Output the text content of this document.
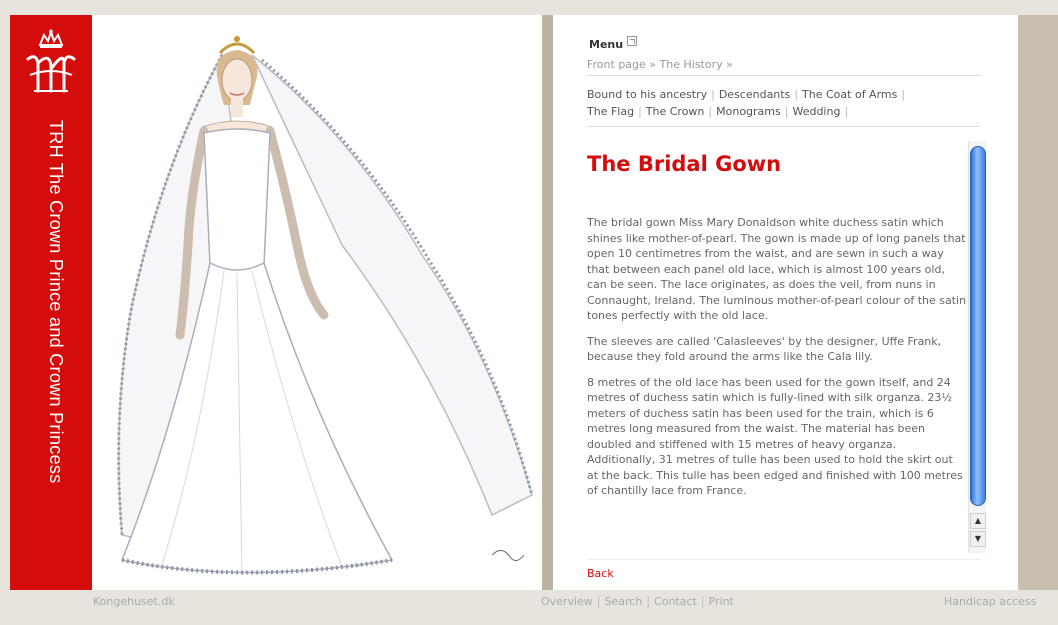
TRH The Crown Prince and Crown Princess
Menu
Front page » The History »
Bound to his ancestry | Descendants | The Coat of Arms |
The Flag | The Crown | Monograms | Wedding |
The Bridal Gown

The bridal gown Miss Mary Donaldson white duchess satin which shines like mother-of-pearl. The gown is made up of long panels that open 10 centimetres from the waist, and are sewn in such a way that between each panel old lace, which is almost 100 years old, can be seen. The lace originates, as does the veil, from nuns in Connaught, Ireland. The luminous mother-of-pearl colour of the satin tones perfectly with the old lace.

The sleeves are called 'Calasleeves' by the designer, Uffe Frank, because they fold around the arms like the Cala lily.

8 metres of the old lace has been used for the gown itself, and 24 metres of duchess satin which is fully-lined with silk organza. 23½ meters of duchess satin has been used for the train, which is 6 metres long measured from the waist. The material has been doubled and stiffened with 15 metres of heavy organza. Additionally, 31 metres of tulle has been used to hold the skirt out at the back. This tulle has been edged and finished with 100 metres of chantilly lace from France.

▲
▼
Back
Kongehuset.dk	Overview | Search | Contact | Print	Handicap access
